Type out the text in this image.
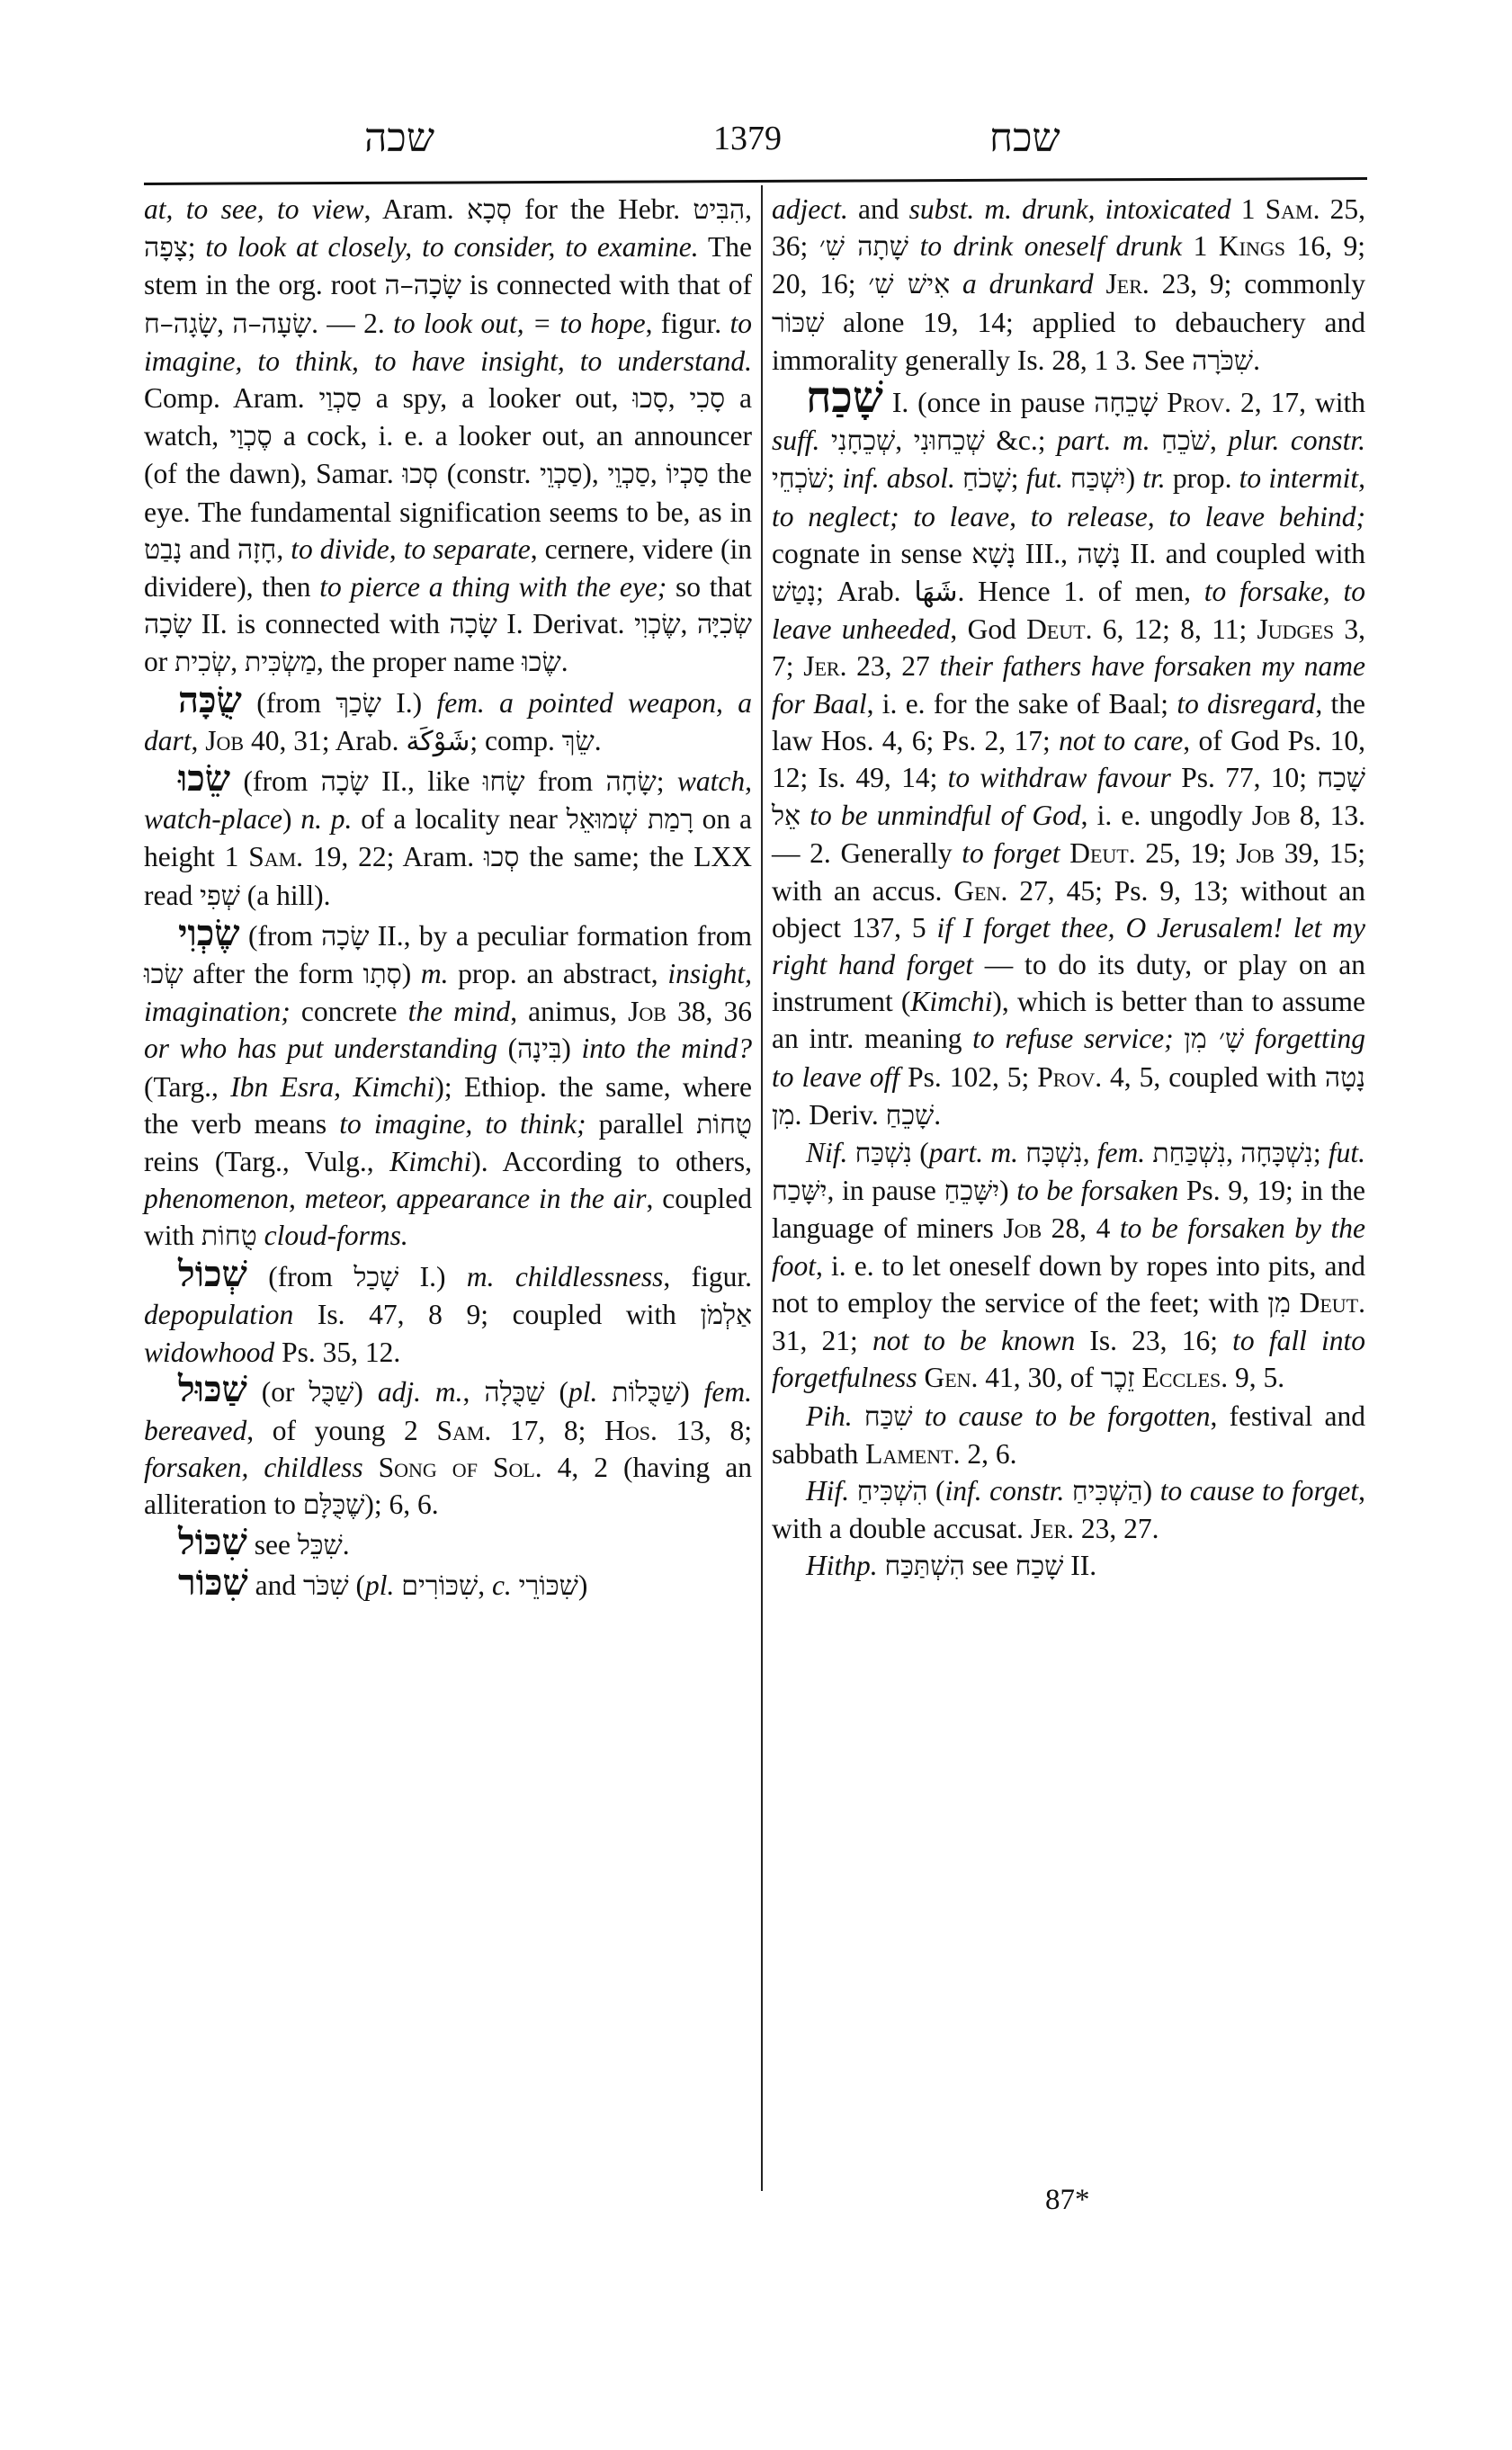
שכה	1379	שכח

at, to see, to view, Aram. סְכָא for the Hebr. הִבִּיט, צָפָה; to look at closely, to consider, to examine. The stem in the org. root שָׂכָה–ה is connected with that of שָׂגָה–ח, שָׂעָה–ה. — 2. to look out, = to hope, figur. to imagine, to think, to have insight, to understand. Comp. Aram. סַכְוַי a spy, a looker out, סָכוּ, סָכִי a watch, סֶכְוַי a cock, i. e. a looker out, an announcer (of the dawn), Samar. סְכוּ (constr. סַכְוֵי), סַכְוֵי, סַכְיוֹ the eye. The fundamental signification seems to be, as in נָבַט and חָזָה, to divide, to separate, cernere, videre (in dividere), then to pierce a thing with the eye; so that שָׂכָה II. is connected with שָׂכָה I. Derivat. שֶׂכְוִי, שְׂכִיָּה or שְׂכִית, מַשְׂכִּית, the proper name שֶׂכוּ.

שֻׂכָּה (from שָׂכַךְ I.) fem. a pointed weapon, a dart, Job 40, 31; Arab. شَوْكَة; comp. שֵׂךְ.

שֵׂכוּ (from שָׂכָה II., like שָׂחוּ from שָׂחָה; watch, watch-place) n. p. of a locality near רָמַת שְׁמוּאֵל on a height 1 Sam. 19, 22; Aram. סְכוּ the same; the LXX read שְׁפִי (a hill).

שֶׂכְוִי (from שָׂכָה II., by a peculiar formation from שְׂכוּ after the form סְתָו) m. prop. an abstract, insight, imagination; concrete the mind, animus, Job 38, 36 or who has put understanding (בִּינָה) into the mind? (Targ., Ibn Esra, Kimchi); Ethiop. the same, where the verb means to imagine, to think; parallel טֻחוֹת reins (Targ., Vulg., Kimchi). According to others, phenomenon, meteor, appearance in the air, coupled with טֻחוֹת cloud-forms.

שְׁכוֹל (from שָׁכַל I.) m. childlessness, figur. depopulation Is. 47, 8 9; coupled with אַלְמֹן widowhood Ps. 35, 12.

שַׁכּוּל (or שַׁכֻּל) adj. m., שַׁכֻּלָה (pl. שַׁכֻּלוֹת) fem. bereaved, of young 2 Sam. 17, 8; Hos. 13, 8; forsaken, childless Song of Sol. 4, 2 (having an alliteration to שֶׁכֻּלָּם); 6, 6.

שִׁכּוֹל see שִׁכֵּל.

שִׁכּוֹר and שִׁכֹּר (pl. שִׁכּוֹרִים, c. שִׁכּוֹרֵי)

adject. and subst. m. drunk, intoxicated 1 Sam. 25, 36; שָׁתָה שִׁ׳ to drink oneself drunk 1 Kings 16, 9; 20, 16; אִישׁ שִׁ׳ a drunkard Jer. 23, 9; commonly שִׁכּוֹר alone 19, 14; applied to debauchery and immorality generally Is. 28, 1 3. See שִׁכֹּרָה.

שָׁכַח I. (once in pause שָׁכֵחָה Prov. 2, 17, with suff. שְׁכֵחָנִי, שְׁכֵחוּנִי &c.; part. m. שֹׁכֵחַ, plur. constr. שֹׁכְחֵי; inf. absol. שָׁכֹחַ; fut. יִשְׁכַּח) tr. prop. to intermit, to neglect; to leave, to release, to leave behind; cognate in sense נָשָׁא III., נָשָׁה II. and coupled with נָטַשׁ; Arab. شَهَا. Hence 1. of men, to forsake, to leave unheeded, God Deut. 6, 12; 8, 11; Judges 3, 7; Jer. 23, 27 their fathers have forsaken my name for Baal, i. e. for the sake of Baal; to disregard, the law Hos. 4, 6; Ps. 2, 17; not to care, of God Ps. 10, 12; Is. 49, 14; to withdraw favour Ps. 77, 10; שָׁכַח אֵל to be unmindful of God, i. e. ungodly Job 8, 13. — 2. Generally to forget Deut. 25, 19; Job 39, 15; with an accus. Gen. 27, 45; Ps. 9, 13; without an object 137, 5 if I forget thee, O Jerusalem! let my right hand forget — to do its duty, or play on an instrument (Kimchi), which is better than to assume an intr. meaning to refuse service; שָׁ׳ מִן forgetting to leave off Ps. 102, 5; Prov. 4, 5, coupled with נָטָה מִן. Deriv. שָׁכֵחַ.

Nif. נִשְׁכַּח (part. m. נִשְׁכָּח, fem. נִשְׁכַּחַת, נִשְׁכָּחָה; fut. יִשָּׁכַח, in pause יִשָּׁכֵחַ) to be forsaken Ps. 9, 19; in the language of miners Job 28, 4 to be forsaken by the foot, i. e. to let oneself down by ropes into pits, and not to employ the service of the feet; with מִן Deut. 31, 21; not to be known Is. 23, 16; to fall into forgetfulness Gen. 41, 30, of זֵכֶר Eccles. 9, 5.

Pih. שִׁכַּח to cause to be forgotten, festival and sabbath Lament. 2, 6.

Hif. הִשְׁכִּיחַ (inf. constr. הַשְׁכִּיחַ) to cause to forget, with a double accusat. Jer. 23, 27.

Hithp. הִשְׁתַּכַּח see שָׁכַח II.

87*
